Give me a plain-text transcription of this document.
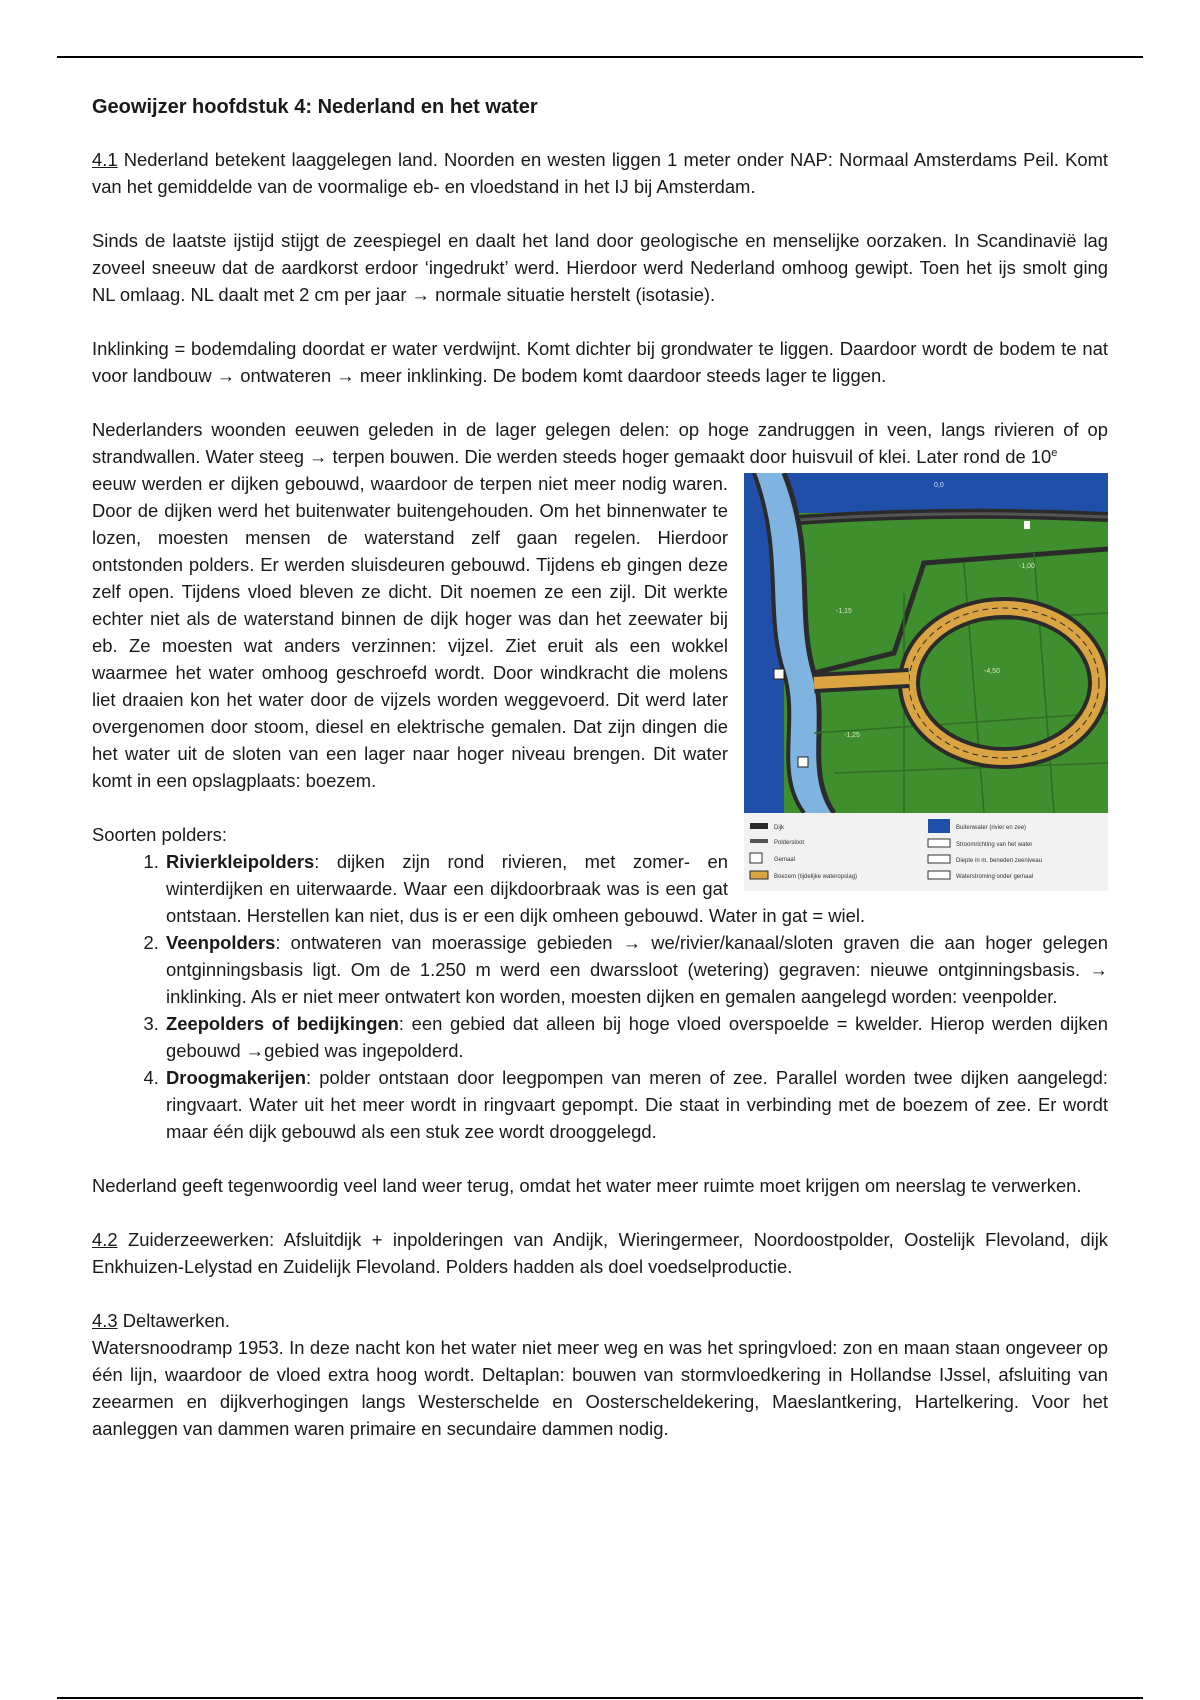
Geowijzer hoofdstuk 4: Nederland en het water

4.1 Nederland betekent laaggelegen land. Noorden en westen liggen 1 meter onder NAP: Normaal Amsterdams Peil. Komt van het gemiddelde van de voormalige eb- en vloedstand in het IJ bij Amsterdam.

Sinds de laatste ijstijd stijgt de zeespiegel en daalt het land door geologische en menselijke oorzaken. In Scandinavië lag zoveel sneeuw dat de aardkorst erdoor ‘ingedrukt’ werd. Hierdoor werd Nederland omhoog gewipt. Toen het ijs smolt ging NL omlaag. NL daalt met 2 cm per jaar → normale situatie herstelt (isotasie).

Inklinking = bodemdaling doordat er water verdwijnt. Komt dichter bij grondwater te liggen. Daardoor wordt de bodem te nat voor landbouw → ontwateren → meer inklinking. De bodem komt daardoor steeds lager te liggen.

Nederlanders woonden eeuwen geleden in de lager gelegen delen: op hoge zandruggen in veen, langs rivieren of op strandwallen. Water steeg → terpen bouwen. Die werden steeds hoger gemaakt door huisvuil of klei. Later rond de 10e

0,0
-1,00
-1,15
-4,50
-1,25
Dijk
Poldersloot
Gemaal
Boezem (tijdelijke wateropslag)
Buitenwater (rivier en zee)
Stroomrichting van het water
Diepte in m. beneden zeeniveau
Waterstroming onder gemaal

eeuw werden er dijken gebouwd, waardoor de terpen niet meer nodig waren. Door de dijken werd het buitenwater buitengehouden. Om het binnenwater te lozen, moesten mensen de waterstand zelf gaan regelen. Hierdoor ontstonden polders. Er werden sluisdeuren gebouwd. Tijdens eb gingen deze zelf open. Tijdens vloed bleven ze dicht. Dit noemen ze een zijl. Dit werkte echter niet als de waterstand binnen de dijk hoger was dan het zeewater bij eb. Ze moesten wat anders verzinnen: vijzel. Ziet eruit als een wokkel waarmee het water omhoog geschroefd wordt. Door windkracht die molens liet draaien kon het water door de vijzels worden weggevoerd. Dit werd later overgenomen door stoom, diesel en elektrische gemalen. Dat zijn dingen die het water uit de sloten van een lager naar hoger niveau brengen. Dit water komt in een opslagplaats: boezem.

Soorten polders:

1. Rivierkleipolders: dijken zijn rond rivieren, met zomer- en winterdijken en uiterwaarde. Waar een dijkdoorbraak was is een gat ontstaan. Herstellen kan niet, dus is er een dijk omheen gebouwd. Water in gat = wiel.
2. Veenpolders: ontwateren van moerassige gebieden → we/rivier/kanaal/sloten graven die aan hoger gelegen ontginningsbasis ligt. Om de 1.250 m werd een dwarssloot (wetering) gegraven: nieuwe ontginningsbasis. → inklinking. Als er niet meer ontwatert kon worden, moesten dijken en gemalen aangelegd worden: veenpolder.
3. Zeepolders of bedijkingen: een gebied dat alleen bij hoge vloed overspoelde = kwelder. Hierop werden dijken gebouwd →gebied was ingepolderd.
4. Droogmakerijen: polder ontstaan door leegpompen van meren of zee. Parallel worden twee dijken aangelegd: ringvaart. Water uit het meer wordt in ringvaart gepompt. Die staat in verbinding met de boezem of zee. Er wordt maar één dijk gebouwd als een stuk zee wordt drooggelegd.

Nederland geeft tegenwoordig veel land weer terug, omdat het water meer ruimte moet krijgen om neerslag te verwerken.

4.2 Zuiderzeewerken: Afsluitdijk + inpolderingen van Andijk, Wieringermeer, Noordoostpolder, Oostelijk Flevoland, dijk Enkhuizen-Lelystad en Zuidelijk Flevoland. Polders hadden als doel voedselproductie.

4.3 Deltawerken.

Watersnoodramp 1953. In deze nacht kon het water niet meer weg en was het springvloed: zon en maan staan ongeveer op één lijn, waardoor de vloed extra hoog wordt. Deltaplan: bouwen van stormvloedkering in Hollandse IJssel, afsluiting van zeearmen en dijkverhogingen langs Westerschelde en Oosterscheldekering, Maeslantkering, Hartelkering. Voor het aanleggen van dammen waren primaire en secundaire dammen nodig.
